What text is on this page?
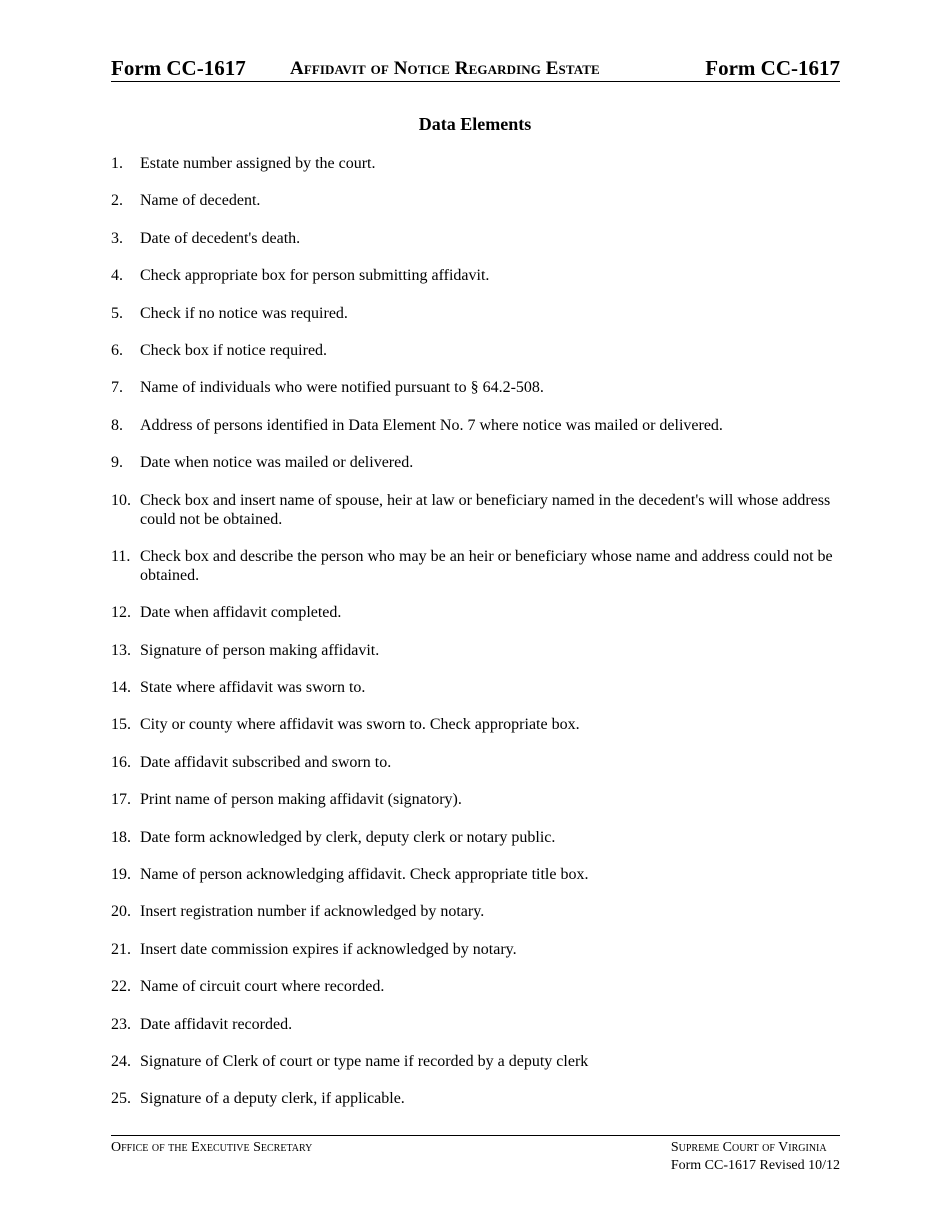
Form CC-1617 Affidavit of Notice Regarding Estate	Form CC-1617
Data Elements
1. Estate number assigned by the court.
2. Name of decedent.
3. Date of decedent's death.
4. Check appropriate box for person submitting affidavit.
5. Check if no notice was required.
6. Check box if notice required.
7. Name of individuals who were notified pursuant to § 64.2-508.
8. Address of persons identified in Data Element No. 7 where notice was mailed or delivered.
9. Date when notice was mailed or delivered.
10. Check box and insert name of spouse, heir at law or beneficiary named in the decedent's will whose address could not be obtained.
11. Check box and describe the person who may be an heir or beneficiary whose name and address could not be obtained.
12. Date when affidavit completed.
13. Signature of person making affidavit.
14. State where affidavit was sworn to.
15. City or county where affidavit was sworn to. Check appropriate box.
16. Date affidavit subscribed and sworn to.
17. Print name of person making affidavit (signatory).
18. Date form acknowledged by clerk, deputy clerk or notary public.
19. Name of person acknowledging affidavit. Check appropriate title box.
20. Insert registration number if acknowledged by notary.
21. Insert date commission expires if acknowledged by notary.
22. Name of circuit court where recorded.
23. Date affidavit recorded.
24. Signature of Clerk of court or type name if recorded by a deputy clerk
25. Signature of a deputy clerk, if applicable.
Office of the Executive Secretary	Supreme Court of Virginia
Form CC-1617 Revised 10/12
